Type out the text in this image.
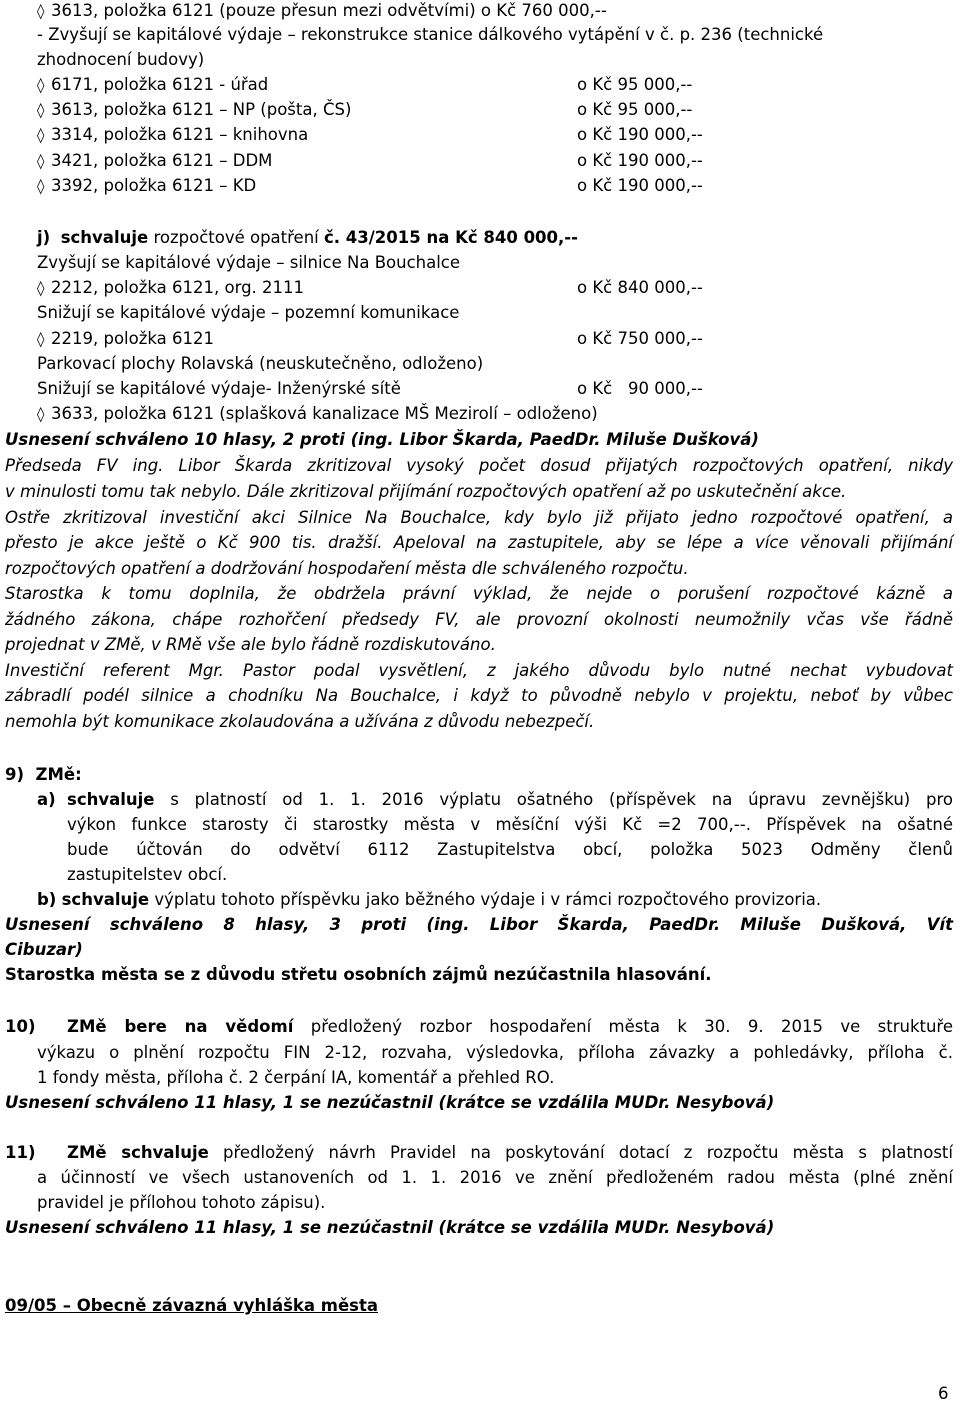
◊ 3613, položka 6121 (pouze přesun mezi odvětvími) o Kč 760 000,--
- Zvyšují se kapitálové výdaje – rekonstrukce stanice dálkového vytápění v č. p. 236 (technické
zhodnocení budovy)
◊ 6171, položka 6121 - úřad	o Kč 95 000,--
◊ 3613, položka 6121 – NP (pošta, ČS)	o Kč 95 000,--
◊ 3314, položka 6121 – knihovna	o Kč 190 000,--
◊ 3421, položka 6121 – DDM	o Kč 190 000,--
◊ 3392, položka 6121 – KD	o Kč 190 000,--
j) schvaluje rozpočtové opatření č. 43/2015 na Kč 840 000,--
Zvyšují se kapitálové výdaje – silnice Na Bouchalce
◊ 2212, položka 6121, org. 2111	o Kč 840 000,--
Snižují se kapitálové výdaje – pozemní komunikace
◊ 2219, položka 6121	o Kč 750 000,--
Parkovací plochy Rolavská (neuskutečněno, odloženo)
Snižují se kapitálové výdaje- Inženýrské sítě	o Kč   90 000,--
◊ 3633, položka 6121 (splašková kanalizace MŠ Mezirolí – odloženo)
Usnesení schváleno 10 hlasy, 2 proti (ing. Libor Škarda, PaedDr. Miluše Dušková)
Předseda FV ing. Libor Škarda zkritizoval vysoký počet dosud přijatých rozpočtových opatření, nikdy
v minulosti tomu tak nebylo. Dále zkritizoval přijímání rozpočtových opatření až po uskutečnění akce.
Ostře zkritizoval investiční akci Silnice Na Bouchalce, kdy bylo již přijato jedno rozpočtové opatření, a
přesto je akce ještě o Kč 900 tis. dražší. Apeloval na zastupitele, aby se lépe a více věnovali přijímání
rozpočtových opatření a dodržování hospodaření města dle schváleného rozpočtu.
Starostka k tomu doplnila, že obdržela právní výklad, že nejde o porušení rozpočtové kázně a
žádného zákona, chápe rozhořčení předsedy FV, ale provozní okolnosti neumožnily včas vše řádně
projednat v ZMě, v RMě vše ale bylo řádně rozdiskutováno.
Investiční referent Mgr. Pastor podal vysvětlení, z jakého důvodu bylo nutné nechat vybudovat
zábradlí podél silnice a chodníku Na Bouchalce, i když to původně nebylo v projektu, neboť by vůbec
nemohla být komunikace zkolaudována a užívána z důvodu nebezpečí.
9)  ZMě:
a) schvaluje s platností od 1. 1. 2016 výplatu ošatného (příspěvek na úpravu zevnějšku) pro
výkon funkce starosty či starostky města v měsíční výši Kč =2 700,--. Příspěvek na ošatné
bude účtován do odvětví 6112 Zastupitelstva obcí, položka 5023 Odměny členů
zastupitelstev obcí.
b) schvaluje výplatu tohoto příspěvku jako běžného výdaje i v rámci rozpočtového provizoria.
Usnesení schváleno 8 hlasy, 3 proti (ing. Libor Škarda, PaedDr. Miluše Dušková, Vít
Cibuzar)
Starostka města se z důvodu střetu osobních zájmů nezúčastnila hlasování.
10) ZMě bere na vědomí předložený rozbor hospodaření města k 30. 9. 2015 ve struktuře
výkazu o plnění rozpočtu FIN 2-12, rozvaha, výsledovka, příloha závazky a pohledávky, příloha č.
1 fondy města, příloha č. 2 čerpání IA, komentář a přehled RO.
Usnesení schváleno 11 hlasy, 1 se nezúčastnil (krátce se vzdálila MUDr. Nesybová)
11) ZMě schvaluje předložený návrh Pravidel na poskytování dotací z rozpočtu města s platností
a účinností ve všech ustanoveních od 1. 1. 2016 ve znění předloženém radou města (plné znění
pravidel je přílohou tohoto zápisu).
Usnesení schváleno 11 hlasy, 1 se nezúčastnil (krátce se vzdálila MUDr. Nesybová)
09/05 – Obecně závazná vyhláška města
6
